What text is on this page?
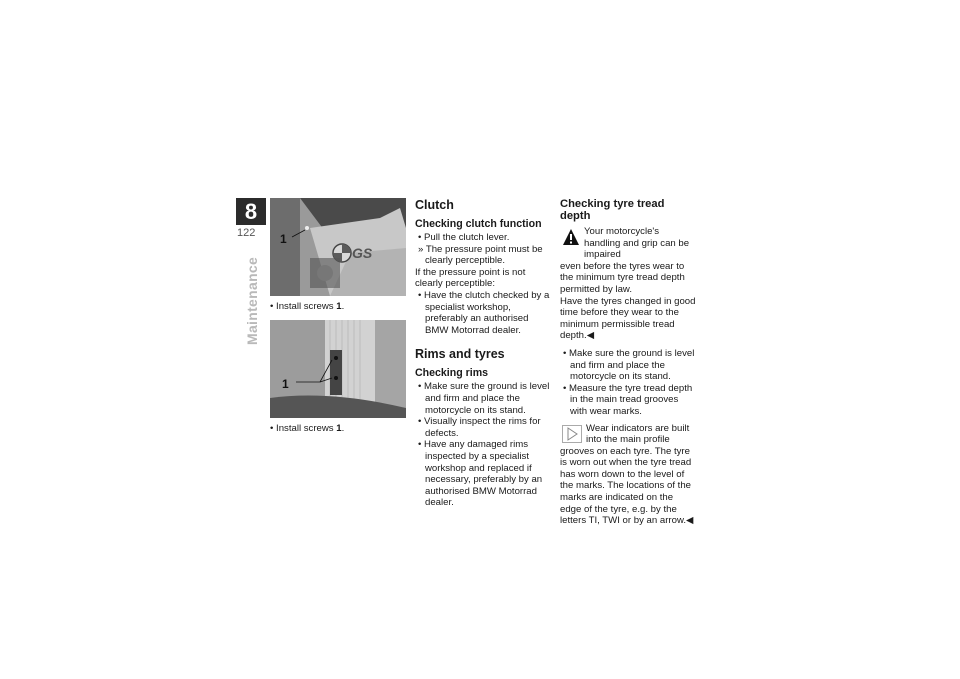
8
122
Maintenance
1
GS
• Install screws 1.
1
• Install screws 1.
Clutch
Checking clutch function

• Pull the clutch lever.

» The pressure point must be clearly perceptible.

If the pressure point is not clearly perceptible:

• Have the clutch checked by a specialist workshop, preferably an authorised BMW Motorrad dealer.

Rims and tyres
Checking rims

• Make sure the ground is level and firm and place the motorcycle on its stand.

• Visually inspect the rims for defects.

• Have any damaged rims inspected by a specialist workshop and replaced if necessary, preferably by an authorised BMW Motorrad dealer.

Checking tyre tread depth

Your motorcycle's handling and grip can be impaired

even before the tyres wear to the minimum tyre tread depth permitted by law.

Have the tyres changed in good time before they wear to the minimum permissible tread depth.◀

• Make sure the ground is level and firm and place the motorcycle on its stand.

• Measure the tyre tread depth in the main tread grooves with wear marks.

Wear indicators are built into the main profile

grooves on each tyre. The tyre is worn out when the tyre tread has worn down to the level of the marks. The locations of the marks are indicated on the edge of the tyre, e.g. by the letters TI, TWI or by an arrow.◀
